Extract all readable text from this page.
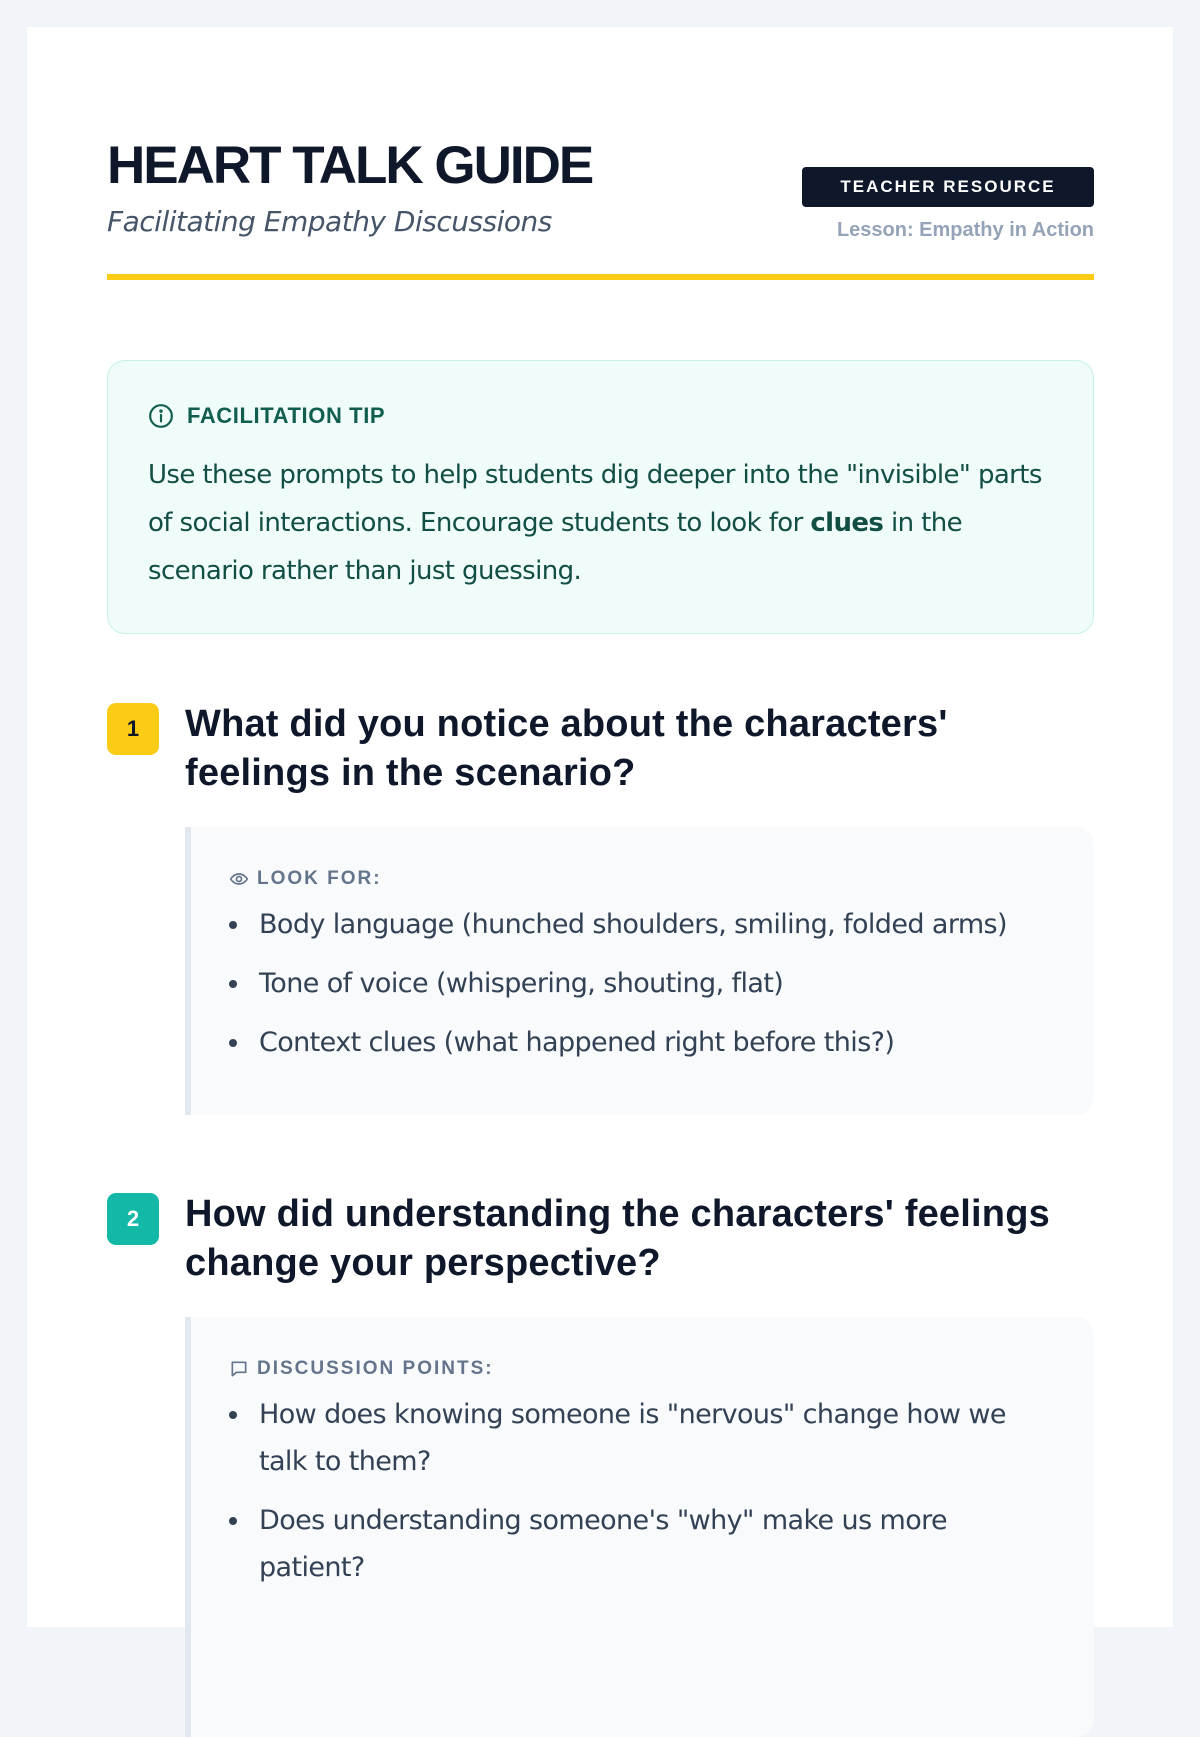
HEART TALK GUIDE
Facilitating Empathy Discussions
TEACHER RESOURCE
Lesson: Empathy in Action
FACILITATION TIP

Use these prompts to help students dig deeper into the "invisible" parts of social interactions. Encourage students to look for clues in the scenario rather than just guessing.

1	What did you notice about the characters' feelings in the scenario?
LOOK FOR:
Body language (hunched shoulders, smiling, folded arms)
Tone of voice (whispering, shouting, flat)
Context clues (what happened right before this?)
2	How did understanding the characters' feelings change your perspective?
DISCUSSION POINTS:
How does knowing someone is "nervous" change how we talk to them?
Does understanding someone's "why" make us more patient?
